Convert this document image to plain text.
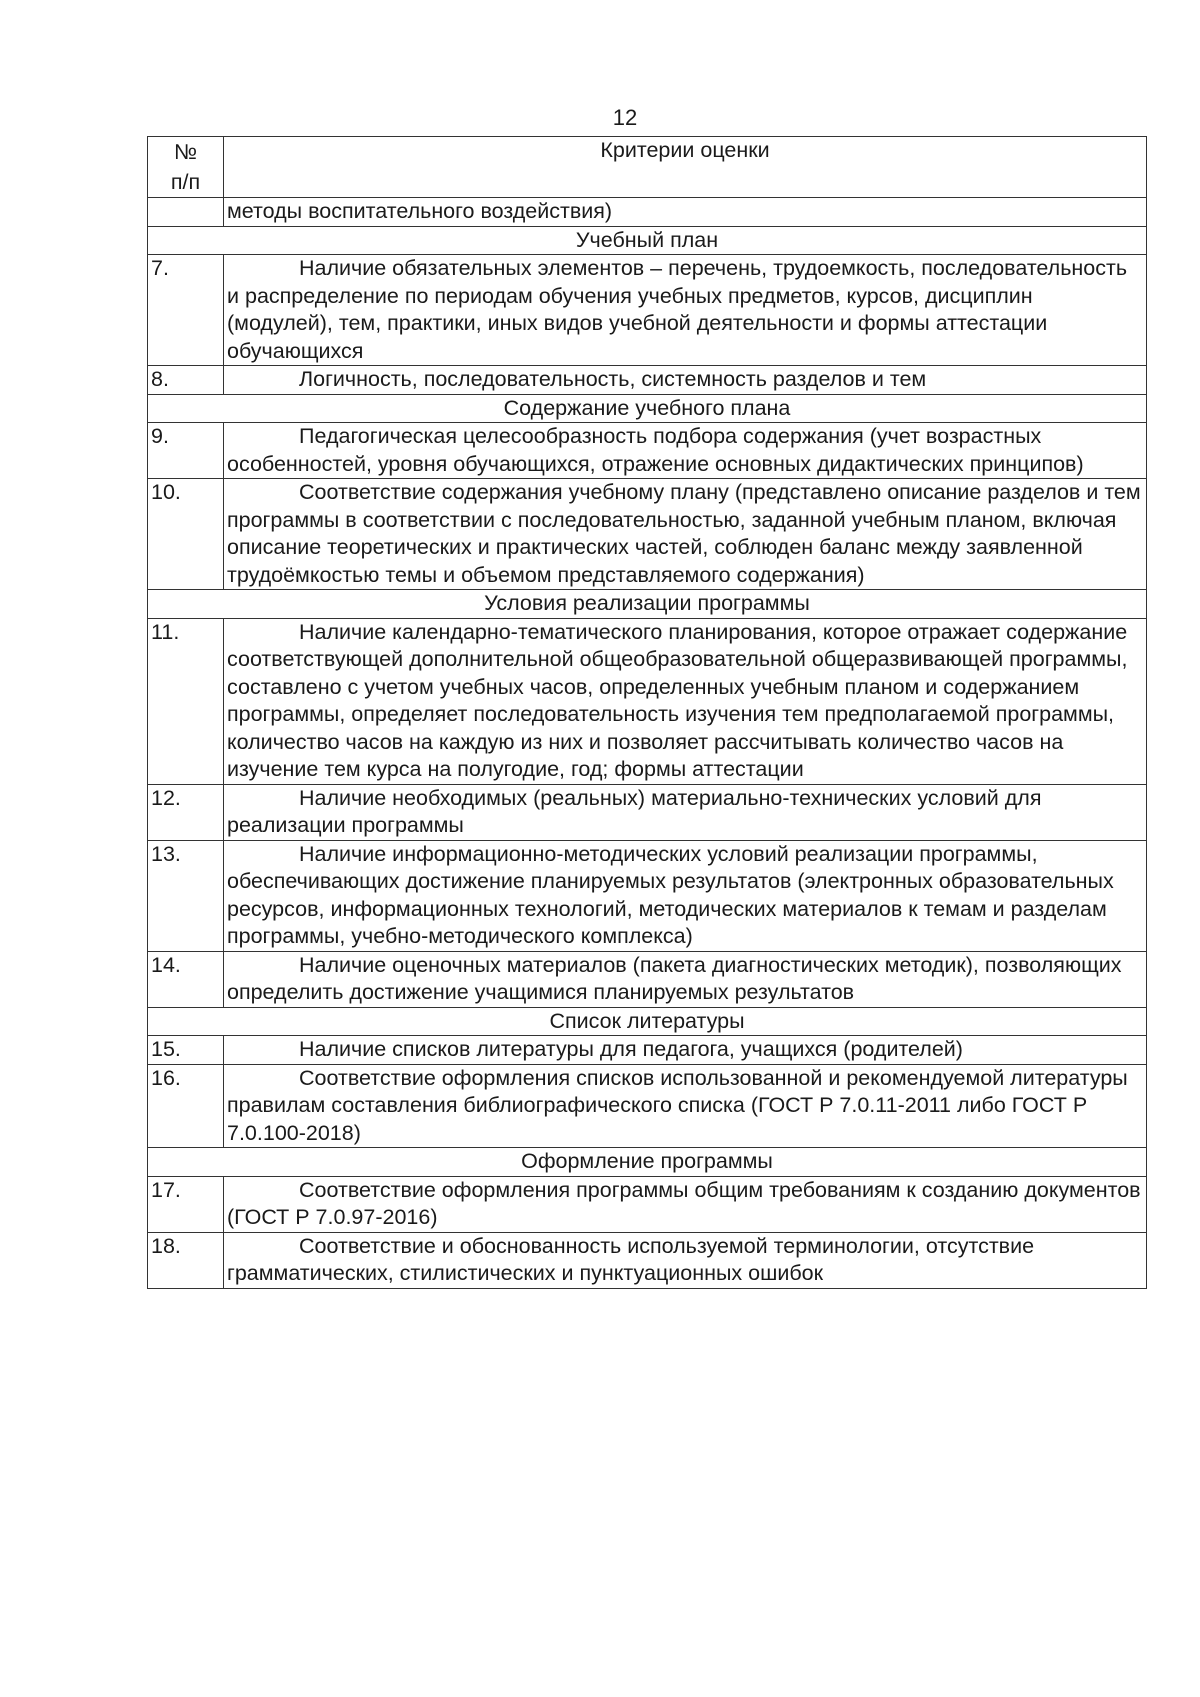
12
№
п/п	Критерии оценки
	методы воспитательного воздействия)
Учебный план	
7.	Наличие обязательных элементов – перечень, трудоемкость, последовательность и распределение по периодам обучения учебных предметов, курсов, дисциплин (модулей), тем, практики, иных видов учебной деятельности и формы аттестации обучающихся
8.	Логичность, последовательность, системность разделов и тем
Содержание учебного плана	
9.	Педагогическая целесообразность подбора содержания (учет возрастных особенностей, уровня обучающихся, отражение основных дидактических принципов)
10.	Соответствие содержания учебному плану (представлено описание разделов и тем программы в соответствии с последовательностью, заданной учебным планом, включая описание теоретических и практических частей, соблюден баланс между заявленной трудоёмкостью темы и объемом представляемого содержания)
Условия реализации программы	
11.	Наличие календарно-тематического планирования, которое отражает содержание соответствующей дополнительной общеобразовательной общеразвивающей программы, составлено с учетом учебных часов, определенных учебным планом и содержанием программы, определяет последовательность изучения тем предполагаемой программы, количество часов на каждую из них и позволяет рассчитывать количество часов на изучение тем курса на полугодие, год; формы аттестации
12.	Наличие необходимых (реальных) материально-технических условий для реализации программы
13.	Наличие информационно-методических условий реализации программы, обеспечивающих достижение планируемых результатов (электронных образовательных ресурсов, информационных технологий, методических материалов к темам и разделам программы, учебно-методического комплекса)
14.	Наличие оценочных материалов (пакета диагностических методик), позволяющих определить достижение учащимися планируемых результатов
Список литературы	
15.	Наличие списков литературы для педагога, учащихся (родителей)
16.	Соответствие оформления списков использованной и рекомендуемой литературы правилам составления библиографического списка (ГОСТ Р 7.0.11-2011 либо ГОСТ Р 7.0.100-2018)
Оформление программы	
17.	Соответствие оформления программы общим требованиям к созданию документов (ГОСТ Р 7.0.97-2016)
18.	Соответствие и обоснованность используемой терминологии, отсутствие грамматических, стилистических и пунктуационных ошибок
